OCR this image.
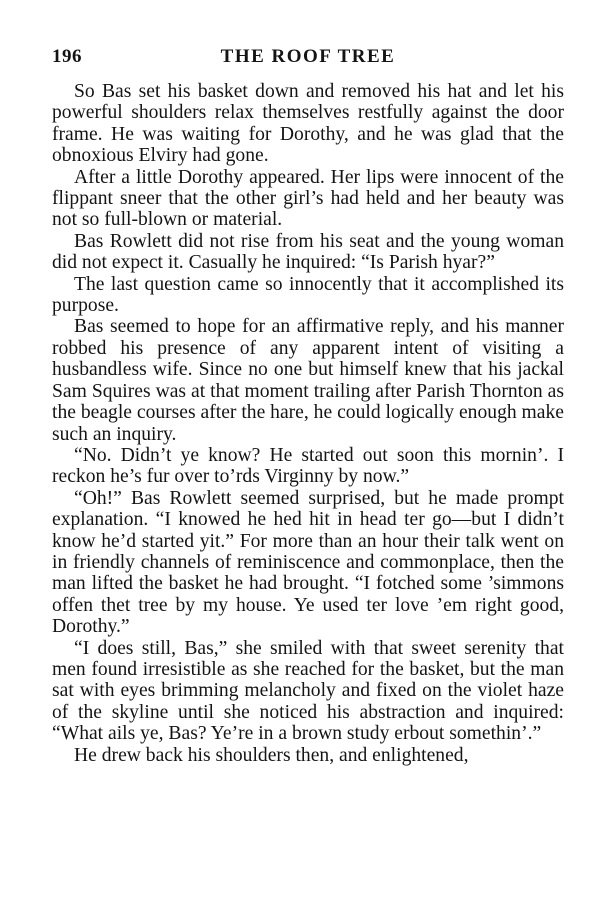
196	THE ROOF TREE

So Bas set his basket down and removed his hat and let his powerful shoulders relax themselves restfully against the door frame. He was waiting for Dorothy, and he was glad that the obnoxious Elviry had gone.

After a little Dorothy appeared. Her lips were innocent of the flippant sneer that the other girl’s had held and her beauty was not so full-blown or material.

Bas Rowlett did not rise from his seat and the young woman did not expect it. Casually he inquired: “Is Parish hyar?”

The last question came so innocently that it accomplished its purpose.

Bas seemed to hope for an affirmative reply, and his manner robbed his presence of any apparent intent of visiting a husbandless wife. Since no one but himself knew that his jackal Sam Squires was at that moment trailing after Parish Thornton as the beagle courses after the hare, he could logically enough make such an inquiry.

“No. Didn’t ye know? He started out soon this mornin’. I reckon he’s fur over to’rds Virginny by now.”

“Oh!” Bas Rowlett seemed surprised, but he made prompt explanation. “I knowed he hed hit in head ter go—but I didn’t know he’d started yit.” For more than an hour their talk went on in friendly channels of reminiscence and commonplace, then the man lifted the basket he had brought. “I fotched some ’simmons offen thet tree by my house. Ye used ter love ’em right good, Dorothy.”

“I does still, Bas,” she smiled with that sweet serenity that men found irresistible as she reached for the basket, but the man sat with eyes brimming melancholy and fixed on the violet haze of the skyline until she noticed his abstraction and inquired: “What ails ye, Bas? Ye’re in a brown study erbout somethin’.”

He drew back his shoulders then, and enlightened,
